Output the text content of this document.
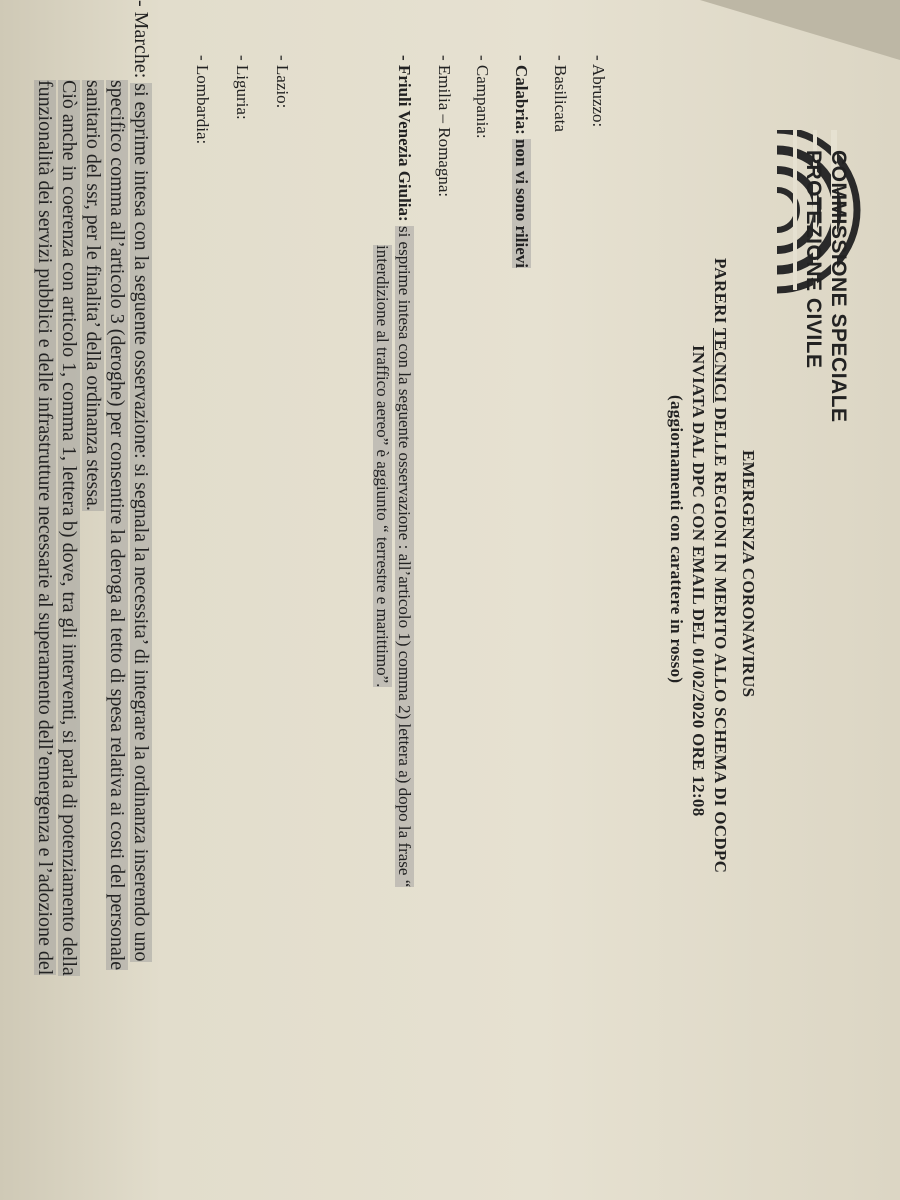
COMMISSIONE SPECIALE
PROTEZIONE CIVILE
EMERGENZA CORONAVIRUS
PARERI TECNICI DELLE REGIONI IN MERITO ALLO SCHEMA DI OCDPC
INVIATA DAL DPC CON EMAIL DEL 01/02/2020 ORE 12:08
(aggiornamenti con carattere in rosso)
- Abruzzo:
- Basilicata
- Calabria: non vi sono rilievi
- Campania:
- Emilia – Romagna:
- Friuli Venezia Giulia: si esprime intesa con la seguente osservazione : all’articolo 1) comma 2) lettera a) dopo la frase “
interdizione al traffico aereo” è aggiunto “ terrestre e marittimo”.
- Lazio:
- Liguria:
- Lombardia:
- Marche: si esprime intesa con la seguente osservazione: si segnala la necessita’ di integrare la ordinanza inserendo uno
specifico comma all’articolo 3 (deroghe) per consentire la deroga al tetto di spesa relativa ai costi del personale
sanitario del ssr, per le finalita’ della ordinanza stessa.
Ciò anche in coerenza con articolo 1, comma 1, lettera b) dove, tra gli interventi, si parla di potenziamento della
funzionalità dei servizi pubblici e delle infrastrutture necessarie al superamento dell’emergenza e l’adozione del
